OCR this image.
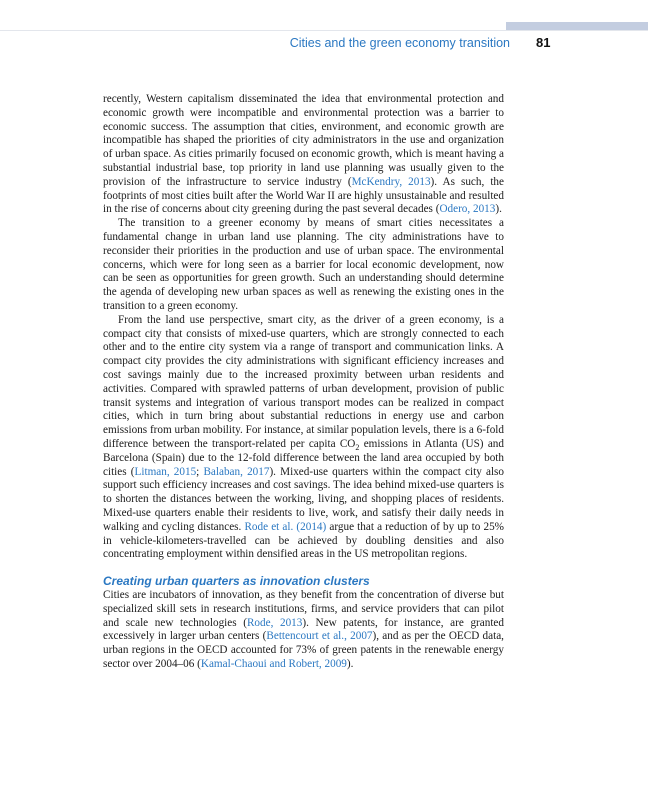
Cities and the green economy transition 81

recently, Western capitalism disseminated the idea that environmental protection and economic growth were incompatible and environmental protection was a barrier to economic success. The assumption that cities, environment, and economic growth are incompatible has shaped the priorities of city administrators in the use and organization of urban space. As cities primarily focused on economic growth, which is meant having a substantial industrial base, top priority in land use planning was usually given to the provision of the infrastructure to service industry (McKendry, 2013). As such, the footprints of most cities built after the World War II are highly unsustainable and resulted in the rise of concerns about city greening during the past several decades (Odero, 2013).

The transition to a greener economy by means of smart cities necessitates a fundamental change in urban land use planning. The city administrations have to reconsider their priorities in the production and use of urban space. The environmental concerns, which were for long seen as a barrier for local economic development, now can be seen as opportunities for green growth. Such an understanding should determine the agenda of developing new urban spaces as well as renewing the existing ones in the transition to a green economy.

From the land use perspective, smart city, as the driver of a green economy, is a compact city that consists of mixed-use quarters, which are strongly connected to each other and to the entire city system via a range of transport and communication links. A compact city provides the city administrations with significant efficiency increases and cost savings mainly due to the increased proximity between urban residents and activities. Compared with sprawled patterns of urban development, provision of public transit systems and integration of various transport modes can be realized in compact cities, which in turn bring about substantial reductions in energy use and carbon emissions from urban mobility. For instance, at similar population levels, there is a 6-fold difference between the transport-related per capita $CO_2$ emissions in Atlanta (US) and Barcelona (Spain) due to the 12-fold difference between the land area occupied by both cities (Litman, 2015; Balaban, 2017). Mixed-use quarters within the compact city also support such efficiency increases and cost savings. The idea behind mixed-use quarters is to shorten the distances between the working, living, and shopping places of residents. Mixed-use quarters enable their residents to live, work, and satisfy their daily needs in walking and cycling distances. Rode et al. (2014) argue that a reduction of by up to 25% in vehicle-kilometers-travelled can be achieved by doubling densities and also concentrating employment within densified areas in the US metropolitan regions.

Creating urban quarters as innovation clusters

Cities are incubators of innovation, as they benefit from the concentration of diverse but specialized skill sets in research institutions, firms, and service providers that can pilot and scale new technologies (Rode, 2013). New patents, for instance, are granted excessively in larger urban centers (Bettencourt et al., 2007), and as per the OECD data, urban regions in the OECD accounted for 73% of green patents in the renewable energy sector over 2004–06 (Kamal-Chaoui and Robert, 2009).
